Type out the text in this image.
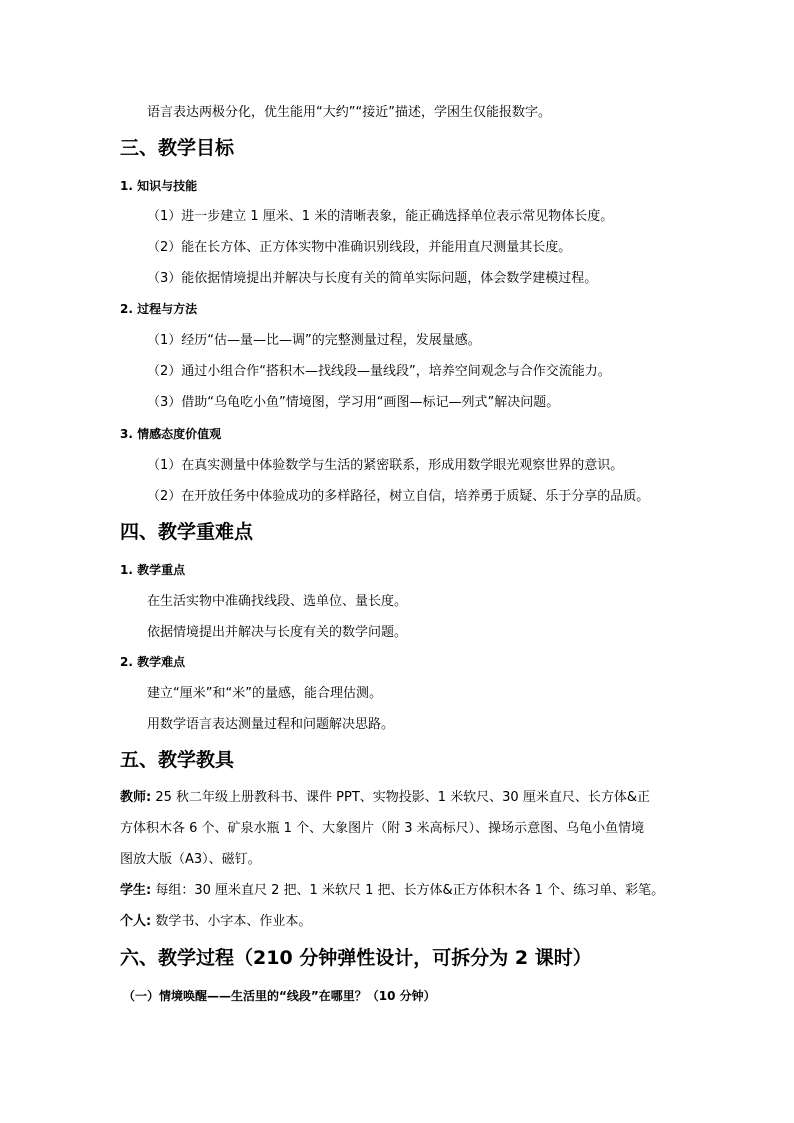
语言表达两极分化，优生能用“大约”“接近”描述，学困生仅能报数字。
三、教学目标
1. 知识与技能
（1）进一步建立 1 厘米、1 米的清晰表象，能正确选择单位表示常见物体长度。
（2）能在长方体、正方体实物中准确识别线段，并能用直尺测量其长度。
（3）能依据情境提出并解决与长度有关的简单实际问题，体会数学建模过程。
2. 过程与方法
（1）经历“估—量—比—调”的完整测量过程，发展量感。
（2）通过小组合作“搭积木—找线段—量线段”，培养空间观念与合作交流能力。
（3）借助“乌龟吃小鱼”情境图，学习用“画图—标记—列式”解决问题。
3. 情感态度价值观
（1）在真实测量中体验数学与生活的紧密联系，形成用数学眼光观察世界的意识。
（2）在开放任务中体验成功的多样路径，树立自信，培养勇于质疑、乐于分享的品质。
四、教学重难点
1. 教学重点
在生活实物中准确找线段、选单位、量长度。
依据情境提出并解决与长度有关的数学问题。
2. 教学难点
建立“厘米”和“米”的量感，能合理估测。
用数学语言表达测量过程和问题解决思路。
五、教学教具
教师: 25 秋二年级上册教科书、课件 PPT、实物投影、1 米软尺、30 厘米直尺、长方体&正
方体积木各 6 个、矿泉水瓶 1 个、大象图片（附 3 米高标尺）、操场示意图、乌龟小鱼情境
图放大版（A3）、磁钉。
学生: 每组：30 厘米直尺 2 把、1 米软尺 1 把、长方体&正方体积木各 1 个、练习单、彩笔。
个人: 数学书、小字本、作业本。
六、教学过程（210 分钟弹性设计，可拆分为 2 课时）
（一）情境唤醒——生活里的“线段”在哪里？（10 分钟）
